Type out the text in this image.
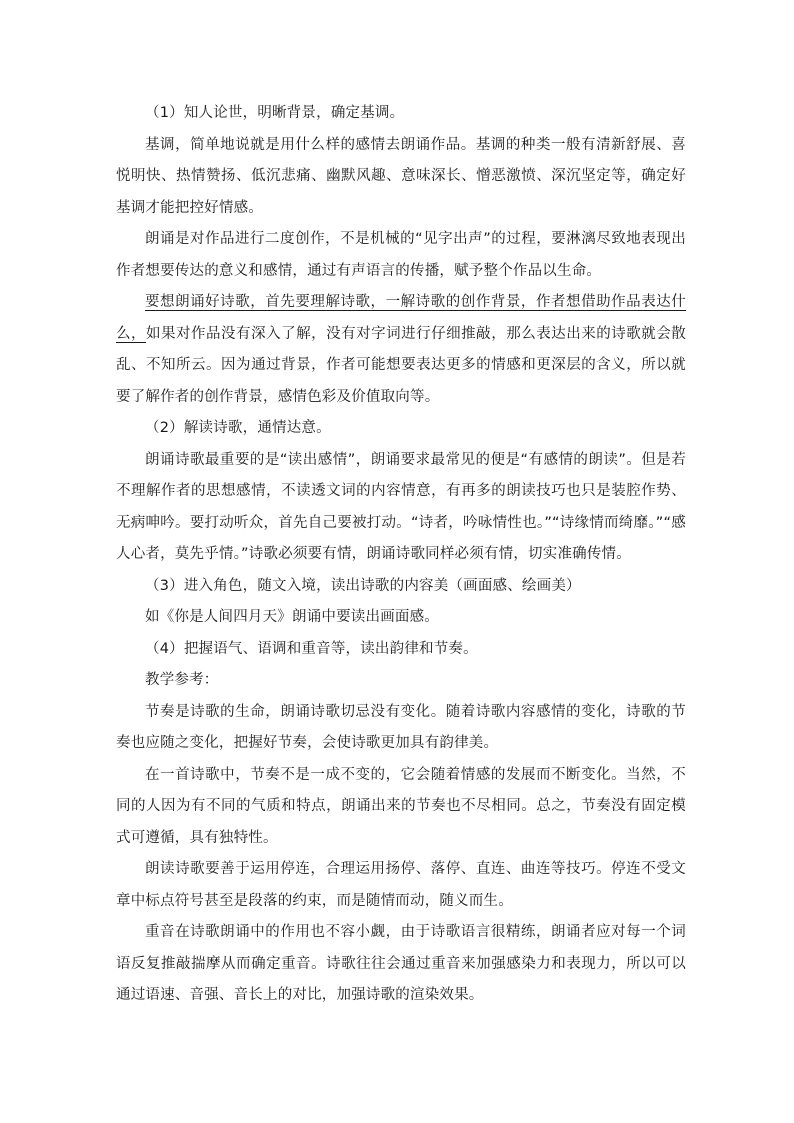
（1）知人论世，明晰背景，确定基调。

基调，简单地说就是用什么样的感情去朗诵作品。基调的种类一般有清新舒展、喜悦明快、热情赞扬、低沉悲痛、幽默风趣、意味深长、憎恶激愤、深沉坚定等，确定好基调才能把控好情感。

朗诵是对作品进行二度创作，不是机械的“见字出声”的过程，要淋漓尽致地表现出作者想要传达的意义和感情，通过有声语言的传播，赋予整个作品以生命。

要想朗诵好诗歌，首先要理解诗歌，一解诗歌的创作背景，作者想借助作品表达什么，如果对作品没有深入了解，没有对字词进行仔细推敲，那么表达出来的诗歌就会散乱、不知所云。因为通过背景，作者可能想要表达更多的情感和更深层的含义，所以就要了解作者的创作背景，感情色彩及价值取向等。

（2）解读诗歌，通情达意。

朗诵诗歌最重要的是“读出感情”，朗诵要求最常见的便是“有感情的朗读”。但是若不理解作者的思想感情，不读透文词的内容情意，有再多的朗读技巧也只是装腔作势、无病呻吟。要打动听众，首先自己要被打动。“诗者，吟咏情性也。”“诗缘情而绮靡。”“感人心者，莫先乎情。”诗歌必须要有情，朗诵诗歌同样必须有情，切实准确传情。

（3）进入角色，随文入境，读出诗歌的内容美（画面感、绘画美）

如《你是人间四月天》朗诵中要读出画面感。

（4）把握语气、语调和重音等，读出韵律和节奏。

教学参考：

节奏是诗歌的生命，朗诵诗歌切忌没有变化。随着诗歌内容感情的变化，诗歌的节奏也应随之变化，把握好节奏，会使诗歌更加具有韵律美。

在一首诗歌中，节奏不是一成不变的，它会随着情感的发展而不断变化。当然，不同的人因为有不同的气质和特点，朗诵出来的节奏也不尽相同。总之，节奏没有固定模式可遵循，具有独特性。

朗读诗歌要善于运用停连，合理运用扬停、落停、直连、曲连等技巧。停连不受文章中标点符号甚至是段落的约束，而是随情而动，随义而生。

重音在诗歌朗诵中的作用也不容小觑，由于诗歌语言很精练，朗诵者应对每一个词语反复推敲揣摩从而确定重音。诗歌往往会通过重音来加强感染力和表现力，所以可以通过语速、音强、音长上的对比，加强诗歌的渲染效果。
